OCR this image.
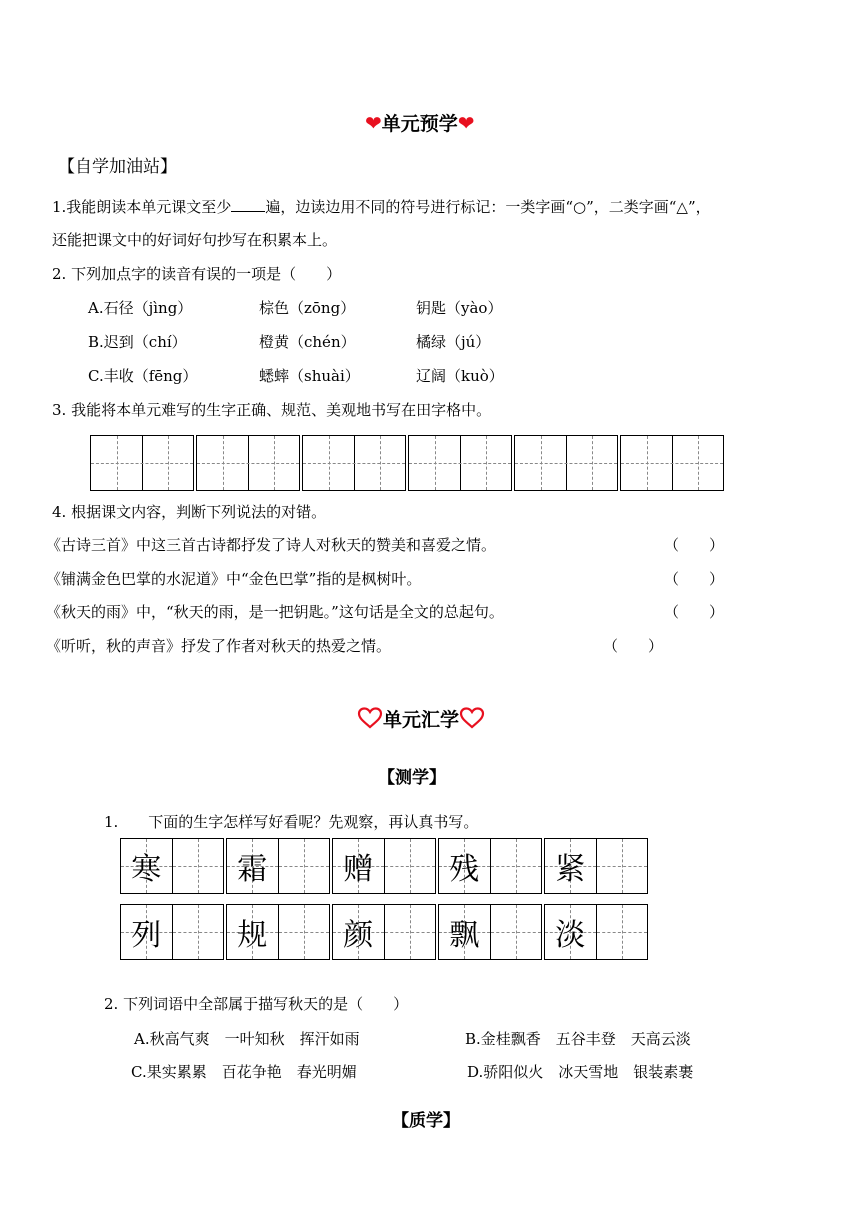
❤单元预学❤
【自学加油站】
1.我能朗读本单元课文至少 遍，边读边用不同的符号进行标记：一类字画“○”，二类字画“△”，
还能把课文中的好词好句抄写在积累本上。
2. 下列加点字的读音有误的一项是（　　）
A.石径（jìng）	棕色（zōng）	钥匙（yào）
B.迟到（chí）	橙黄（chén）	橘绿（jú）
C.丰收（fēng）	蟋蟀（shuài）	辽阔（kuò）
3. 我能将本单元难写的生字正确、规范、美观地书写在田字格中。
4. 根据课文内容，判断下列说法的对错。
《古诗三首》中这三首古诗都抒发了诗人对秋天的赞美和喜爱之情。	（　　）
《铺满金色巴掌的水泥道》中“金色巴掌”指的是枫树叶。	（　　）
《秋天的雨》中，“秋天的雨，是一把钥匙。”这句话是全文的总起句。	（　　）
《听听，秋的声音》抒发了作者对秋天的热爱之情。	（　　）
单元汇学
【测学】
1.　　下面的生字怎样写好看呢？先观察，再认真书写。
寒	霜	赠	残	紧
列	规	颜	飘	淡
2. 下列词语中全部属于描写秋天的是（　　）
A.秋高气爽　一叶知秋　挥汗如雨	B.金桂飘香　五谷丰登　天高云淡
C.果实累累　百花争艳　春光明媚	D.骄阳似火　冰天雪地　银装素裹
【质学】
